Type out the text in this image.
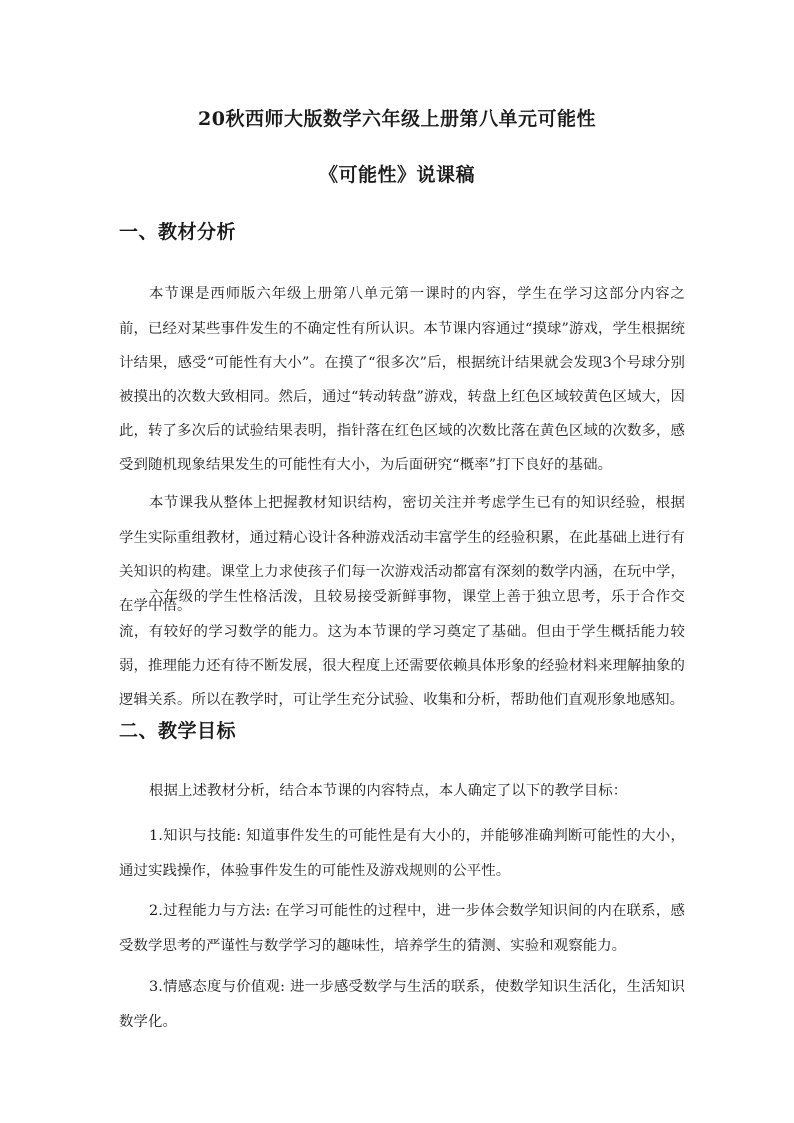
20秋西师大版数学六年级上册第八单元可能性
《可能性》说课稿
一、教材分析

本节课是西师版六年级上册第八单元第一课时的内容，学生在学习这部分内容之前，已经对某些事件发生的不确定性有所认识。本节课内容通过“摸球”游戏，学生根据统计结果，感受“可能性有大小”。在摸了“很多次”后，根据统计结果就会发现3个号球分别被摸出的次数大致相同。然后，通过“转动转盘”游戏，转盘上红色区域较黄色区域大，因此，转了多次后的试验结果表明，指针落在红色区域的次数比落在黄色区域的次数多，感受到随机现象结果发生的可能性有大小，为后面研究“概率”打下良好的基础。

本节课我从整体上把握教材知识结构，密切关注并考虑学生已有的知识经验，根据学生实际重组教材，通过精心设计各种游戏活动丰富学生的经验积累，在此基础上进行有关知识的构建。课堂上力求使孩子们每一次游戏活动都富有深刻的数学内涵，在玩中学，在学中悟。

六年级的学生性格活泼，且较易接受新鲜事物，课堂上善于独立思考，乐于合作交流，有较好的学习数学的能力。这为本节课的学习奠定了基础。但由于学生概括能力较弱，推理能力还有待不断发展，很大程度上还需要依赖具体形象的经验材料来理解抽象的逻辑关系。所以在教学时，可让学生充分试验、收集和分析，帮助他们直观形象地感知。

二、教学目标

根据上述教材分析，结合本节课的内容特点，本人确定了以下的教学目标：

1.知识与技能: 知道事件发生的可能性是有大小的，并能够准确判断可能性的大小，通过实践操作，体验事件发生的可能性及游戏规则的公平性。

2.过程能力与方法: 在学习可能性的过程中，进一步体会数学知识间的内在联系，感受数学思考的严谨性与数学学习的趣味性，培养学生的猜测、实验和观察能力。

3.情感态度与价值观: 进一步感受数学与生活的联系，使数学知识生活化，生活知识数学化。
